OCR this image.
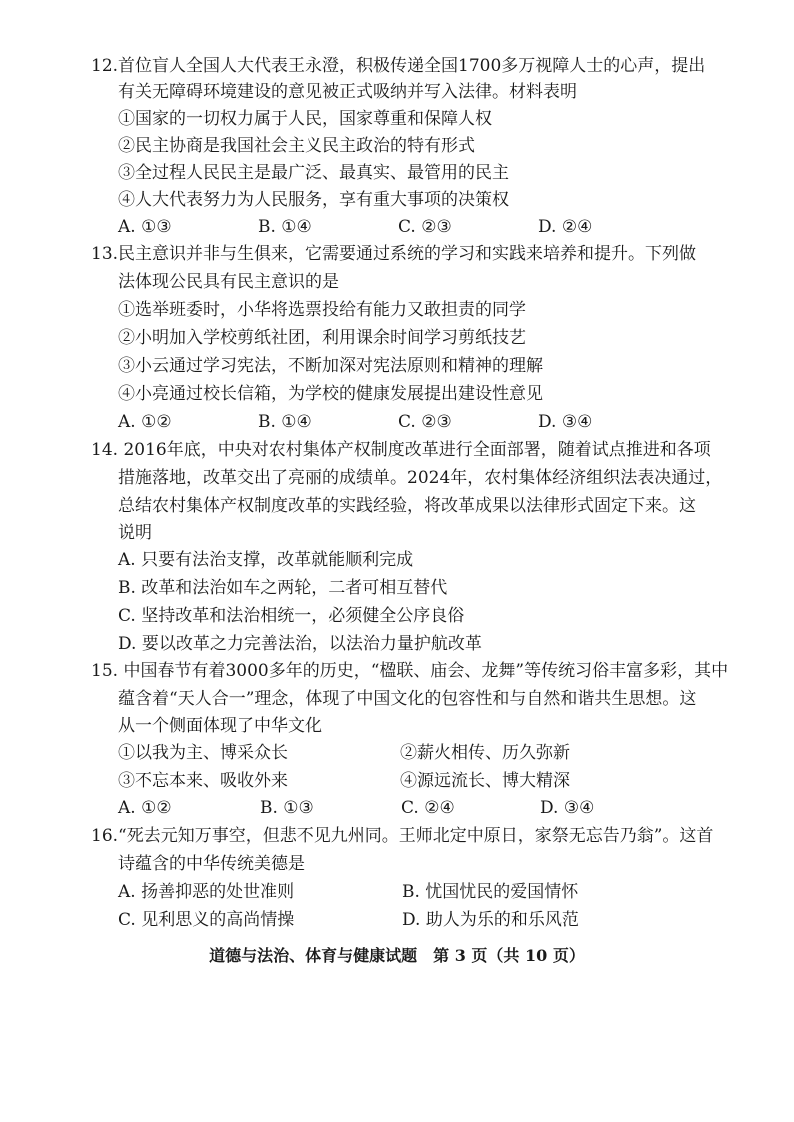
12.首位盲人全国人大代表王永澄，积极传递全国1700多万视障人士的心声，提出
有关无障碍环境建设的意见被正式吸纳并写入法律。材料表明
①国家的一切权力属于人民，国家尊重和保障人权
②民主协商是我国社会主义民主政治的特有形式
③全过程人民民主是最广泛、最真实、最管用的民主
④人大代表努力为人民服务，享有重大事项的决策权
A. ①③	B. ①④	C. ②③	D. ②④
13.民主意识并非与生俱来，它需要通过系统的学习和实践来培养和提升。下列做
法体现公民具有民主意识的是
①选举班委时，小华将选票投给有能力又敢担责的同学
②小明加入学校剪纸社团，利用课余时间学习剪纸技艺
③小云通过学习宪法，不断加深对宪法原则和精神的理解
④小亮通过校长信箱，为学校的健康发展提出建设性意见
A. ①②	B. ①④	C. ②③	D. ③④
14. 2016年底，中央对农村集体产权制度改革进行全面部署，随着试点推进和各项
措施落地，改革交出了亮丽的成绩单。2024年，农村集体经济组织法表决通过，
总结农村集体产权制度改革的实践经验，将改革成果以法律形式固定下来。这
说明
A. 只要有法治支撑，改革就能顺利完成
B. 改革和法治如车之两轮，二者可相互替代
C. 坚持改革和法治相统一，必须健全公序良俗
D. 要以改革之力完善法治，以法治力量护航改革
15. 中国春节有着3000多年的历史，“楹联、庙会、龙舞”等传统习俗丰富多彩，其中
蕴含着“天人合一”理念，体现了中国文化的包容性和与自然和谐共生思想。这
从一个侧面体现了中华文化
①以我为主、博采众长	②薪火相传、历久弥新
③不忘本来、吸收外来	④源远流长、博大精深
A. ①②	B. ①③	C. ②④	D. ③④
16.“死去元知万事空，但悲不见九州同。王师北定中原日，家祭无忘告乃翁”。这首
诗蕴含的中华传统美德是
A. 扬善抑恶的处世准则	B. 忧国忧民的爱国情怀
C. 见利思义的高尚情操	D. 助人为乐的和乐风范
道德与法治、体育与健康试题　第 3 页（共 10 页）
